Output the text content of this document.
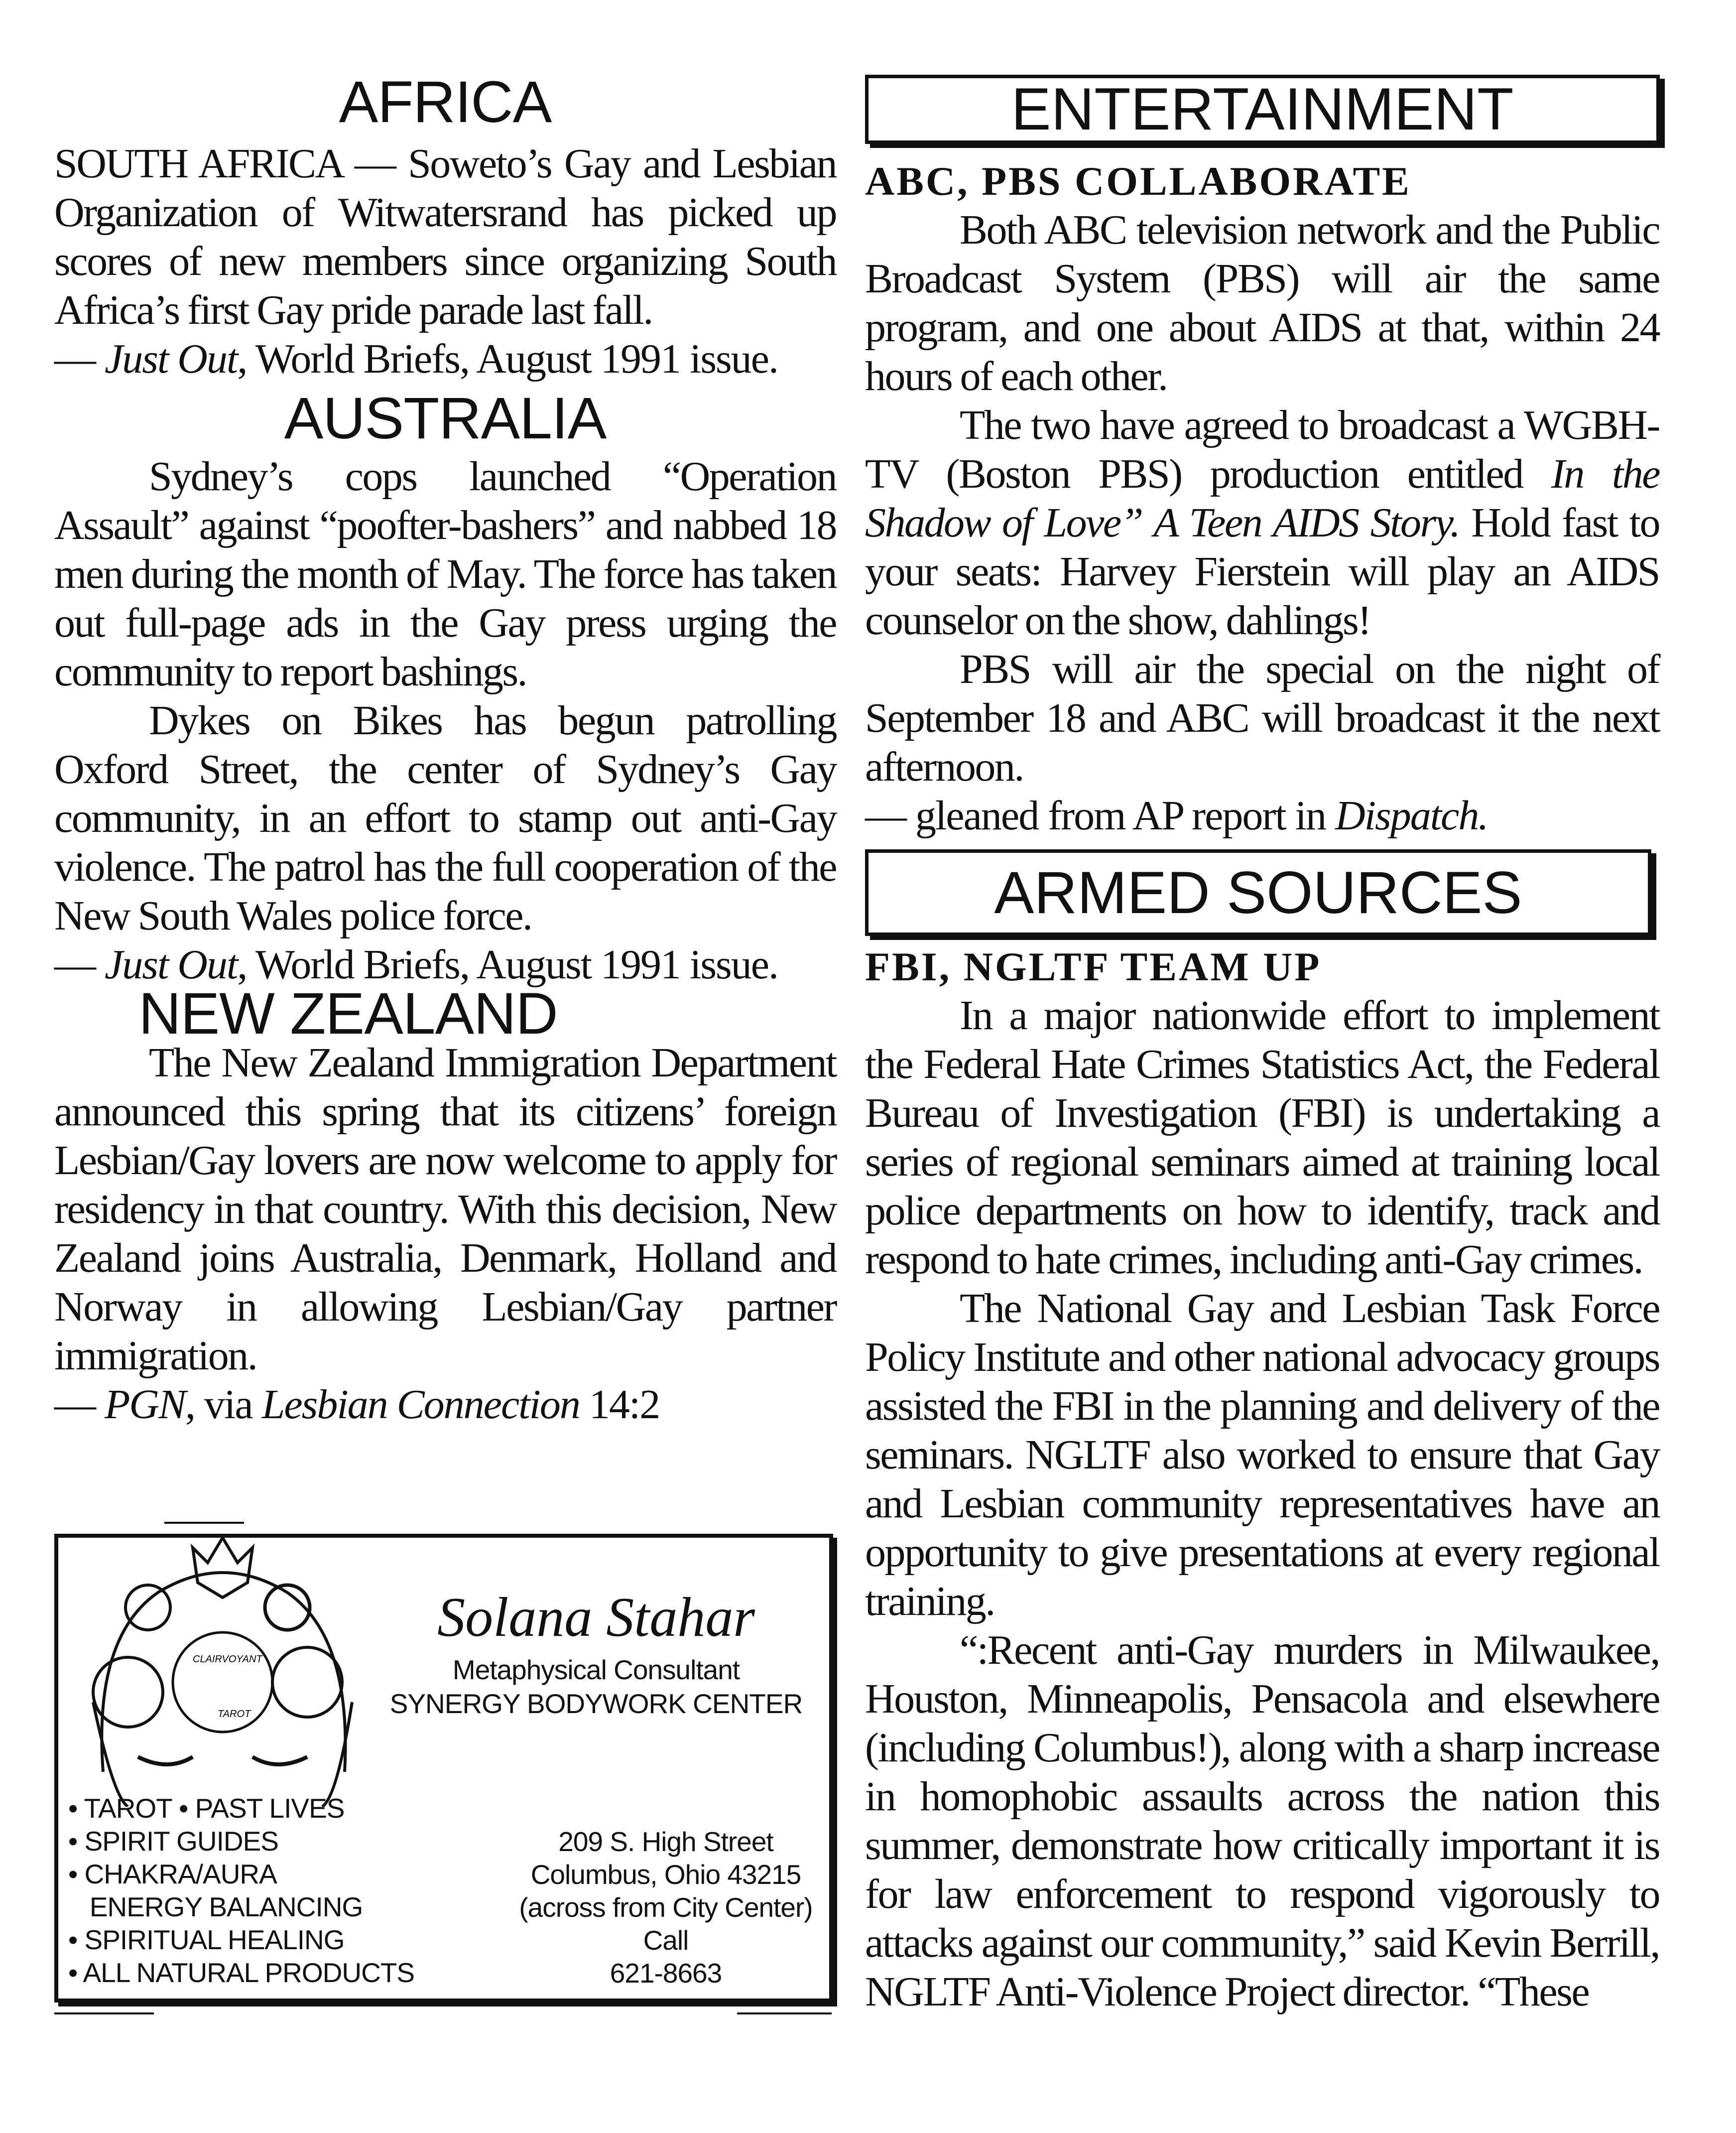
AFRICA

SOUTH AFRICA — Soweto’s Gay and Lesbian Organization of Witwatersrand has picked up scores of new members since organizing South Africa’s first Gay pride parade last fall.

— Just Out, World Briefs, August 1991 issue.

AUSTRALIA

Sydney’s cops launched “Operation Assault” against “poofter-bashers” and nabbed 18 men during the month of May. The force has taken out full-page ads in the Gay press urging the community to report bashings.

Dykes on Bikes has begun patrolling Oxford Street, the center of Sydney’s Gay community, in an effort to stamp out anti-Gay violence. The patrol has the full cooperation of the New South Wales police force.

— Just Out, World Briefs, August 1991 issue.

NEW ZEALAND

The New Zealand Immigration Department announced this spring that its citizens’ foreign Lesbian/Gay lovers are now welcome to apply for residency in that country. With this decision, New Zealand joins Australia, Denmark, Holland and Norway in allowing Lesbian/Gay partner immigration.

— PGN, via Lesbian Connection 14:2

CLAIRVOYANT
TAROT
Solana Stahar
Metaphysical Consultant
SYNERGY BODYWORK CENTER
• TAROT • PAST LIVES
• SPIRIT GUIDES
• CHAKRA/AURA
ENERGY BALANCING
• SPIRITUAL HEALING
• ALL NATURAL PRODUCTS
209 S. High Street
Columbus, Ohio 43215
(across from City Center)
Call
621-8663
ENTERTAINMENT
ABC, PBS COLLABORATE

Both ABC television network and the Public Broadcast System (PBS) will air the same program, and one about AIDS at that, within 24 hours of each other.

The two have agreed to broadcast a WGBH-TV (Boston PBS) production entitled In the Shadow of Love” A Teen AIDS Story. Hold fast to your seats: Harvey Fierstein will play an AIDS counselor on the show, dahlings!

PBS will air the special on the night of September 18 and ABC will broadcast it the next afternoon.

— gleaned from AP report in Dispatch.

ARMED SOURCES
FBI, NGLTF TEAM UP

In a major nationwide effort to implement the Federal Hate Crimes Statistics Act, the Federal Bureau of Investigation (FBI) is undertaking a series of regional seminars aimed at training local police departments on how to identify, track and respond to hate crimes, including anti-Gay crimes.

The National Gay and Lesbian Task Force Policy Institute and other national advocacy groups assisted the FBI in the planning and delivery of the seminars. NGLTF also worked to ensure that Gay and Lesbian community representatives have an opportunity to give presentations at every regional training.

“:Recent anti-Gay murders in Milwaukee, Houston, Minneapolis, Pensacola and elsewhere (including Columbus!), along with a sharp increase in homophobic assaults across the nation this summer, demonstrate how critically important it is for law enforcement to respond vigorously to attacks against our community,” said Kevin Berrill, NGLTF Anti-Violence Project director. “These
